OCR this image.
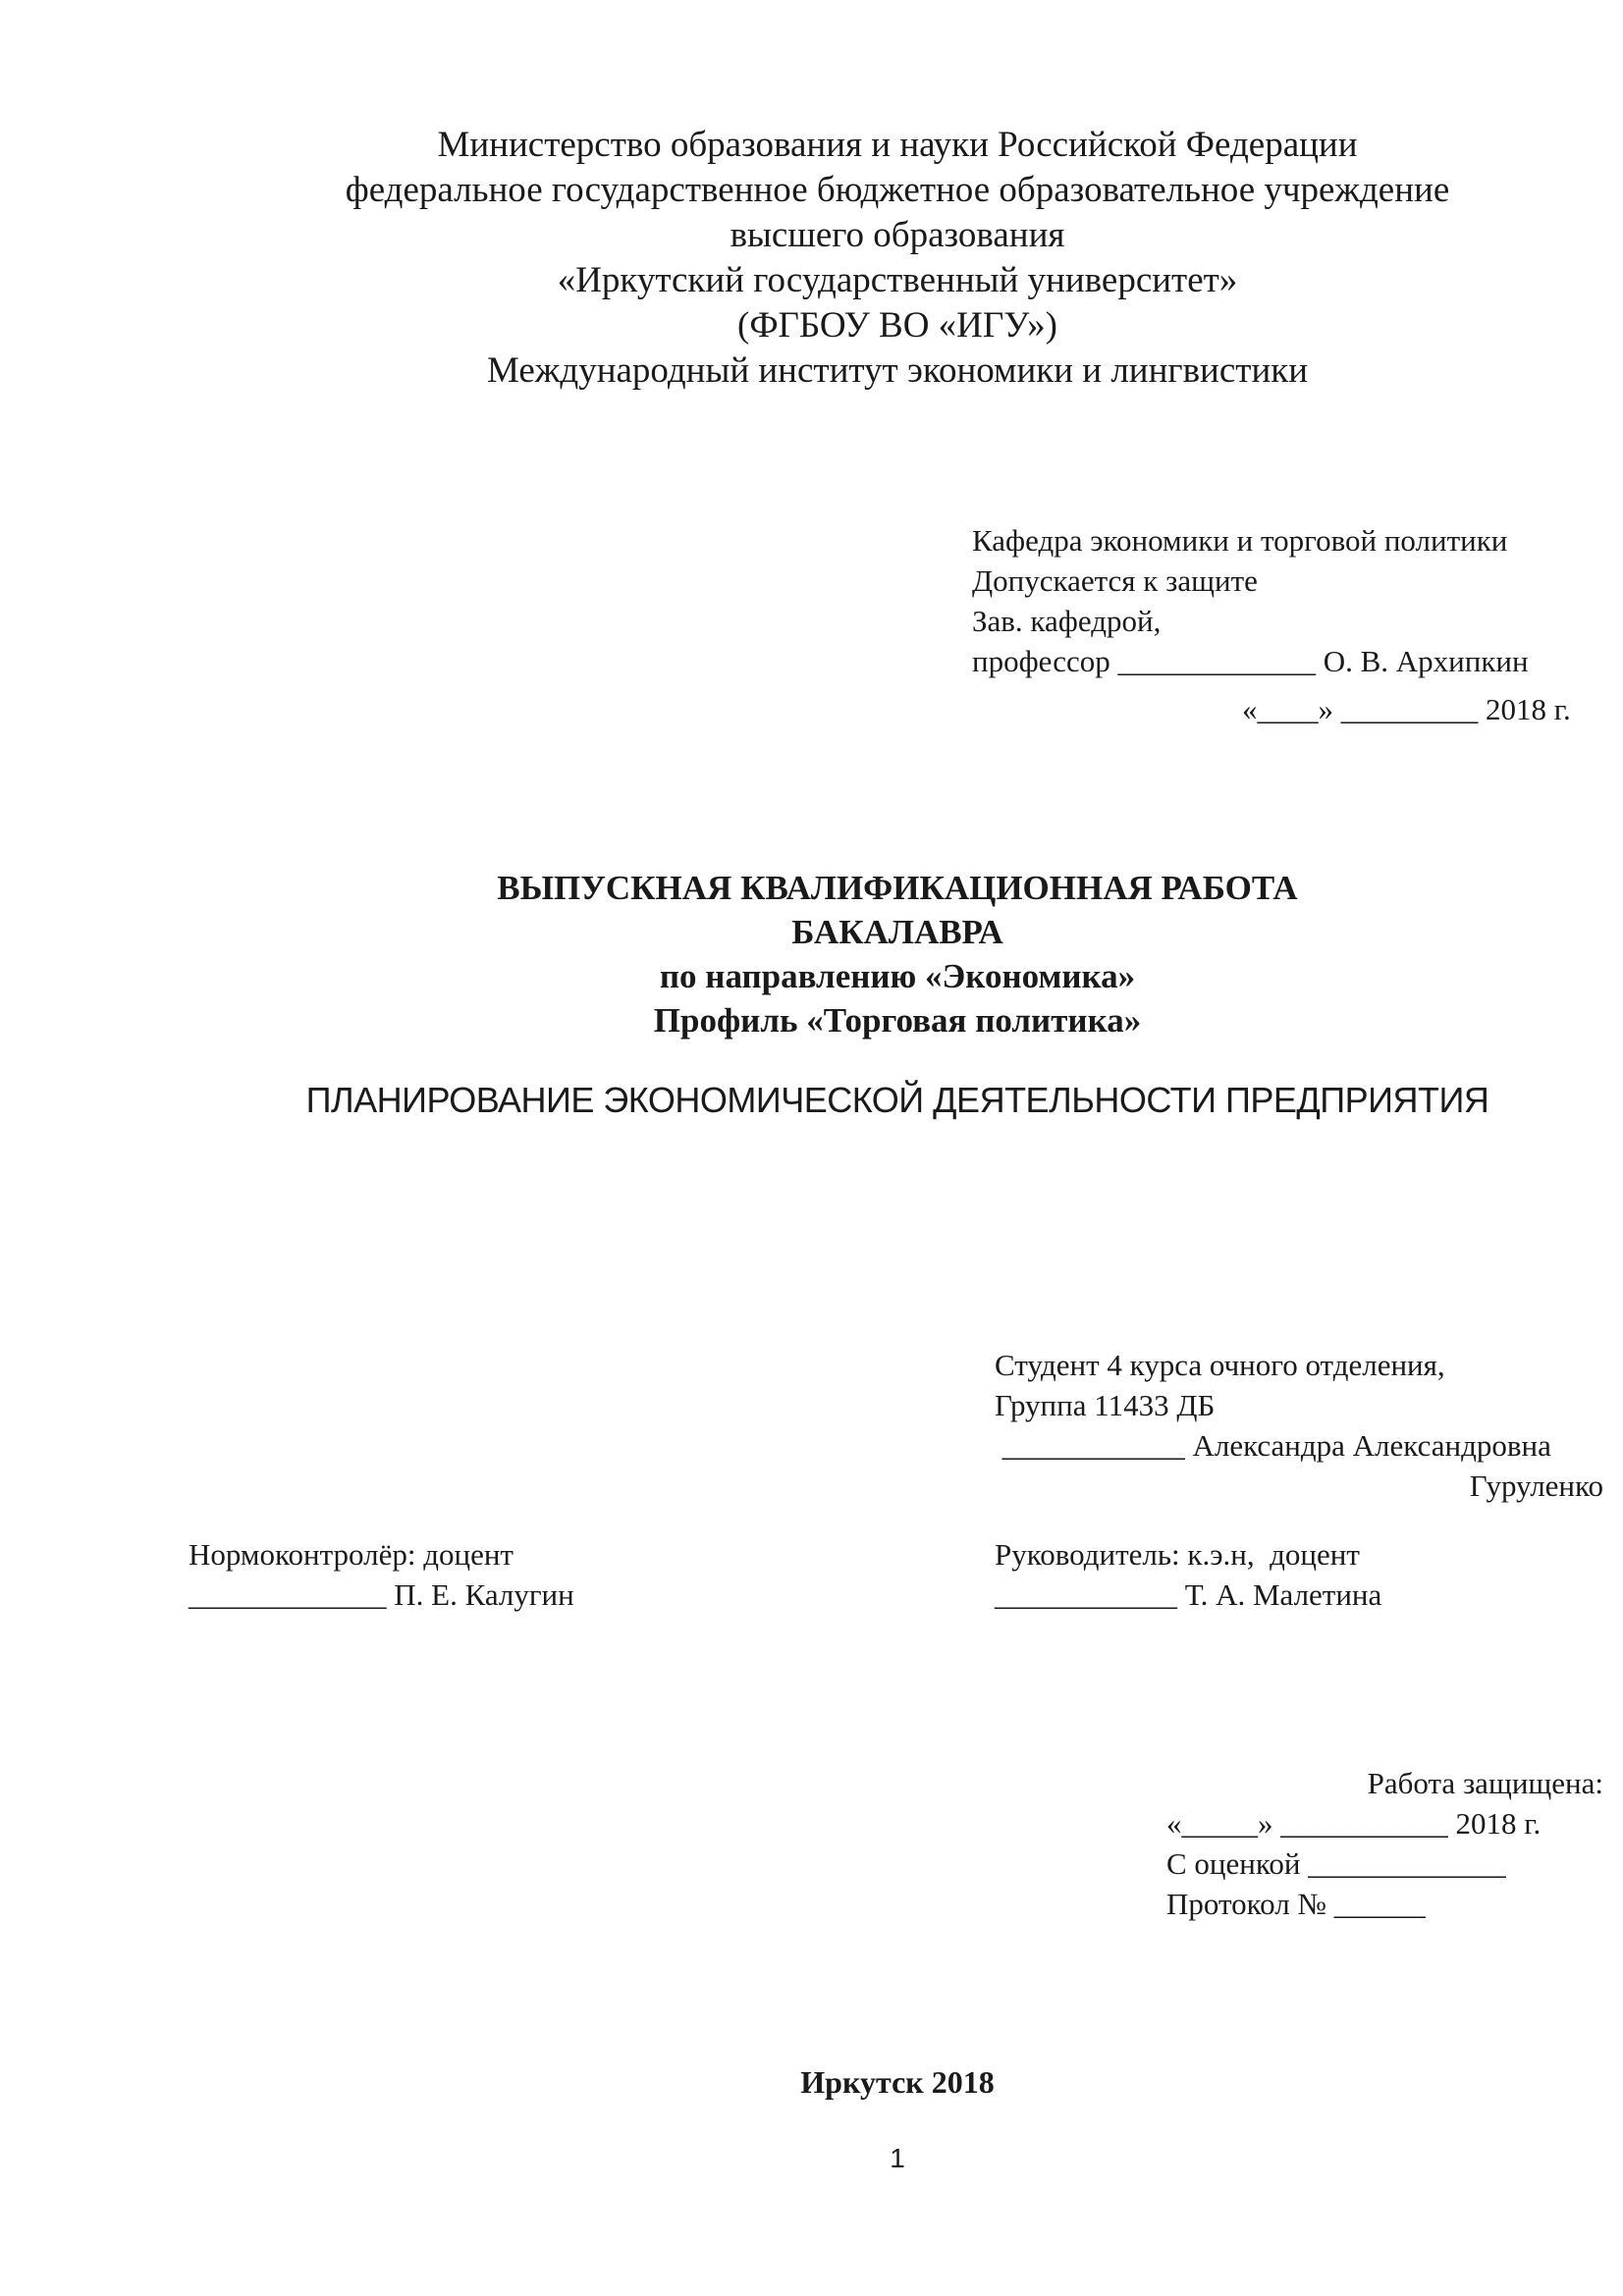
Министерство образования и науки Российской Федерации
федеральное государственное бюджетное образовательное учреждение
высшего образования
«Иркутский государственный университет»
(ФГБОУ ВО «ИГУ»)
Международный институт экономики и лингвистики
Кафедра экономики и торговой политики
Допускается к защите
Зав. кафедрой,
профессор _____________ О. В. Архипкин
«____» _________ 2018 г.
ВЫПУСКНАЯ КВАЛИФИКАЦИОННАЯ РАБОТА
БАКАЛАВРА
по направлению «Экономика»
Профиль «Торговая политика»
ПЛАНИРОВАНИЕ ЭКОНОМИЧЕСКОЙ ДЕЯТЕЛЬНОСТИ ПРЕДПРИЯТИЯ
Студент 4 курса очного отделения,
Группа 11433 ДБ
____________ Александра Александровна
Гуруленко
Нормоконтролёр: доцент
_____________ П. Е. Калугин
Руководитель: к.э.н,  доцент
____________ Т. А. Малетина
Работа защищена:
«_____» ___________ 2018 г.
С оценкой _____________
Протокол № ______
Иркутск 2018
1
